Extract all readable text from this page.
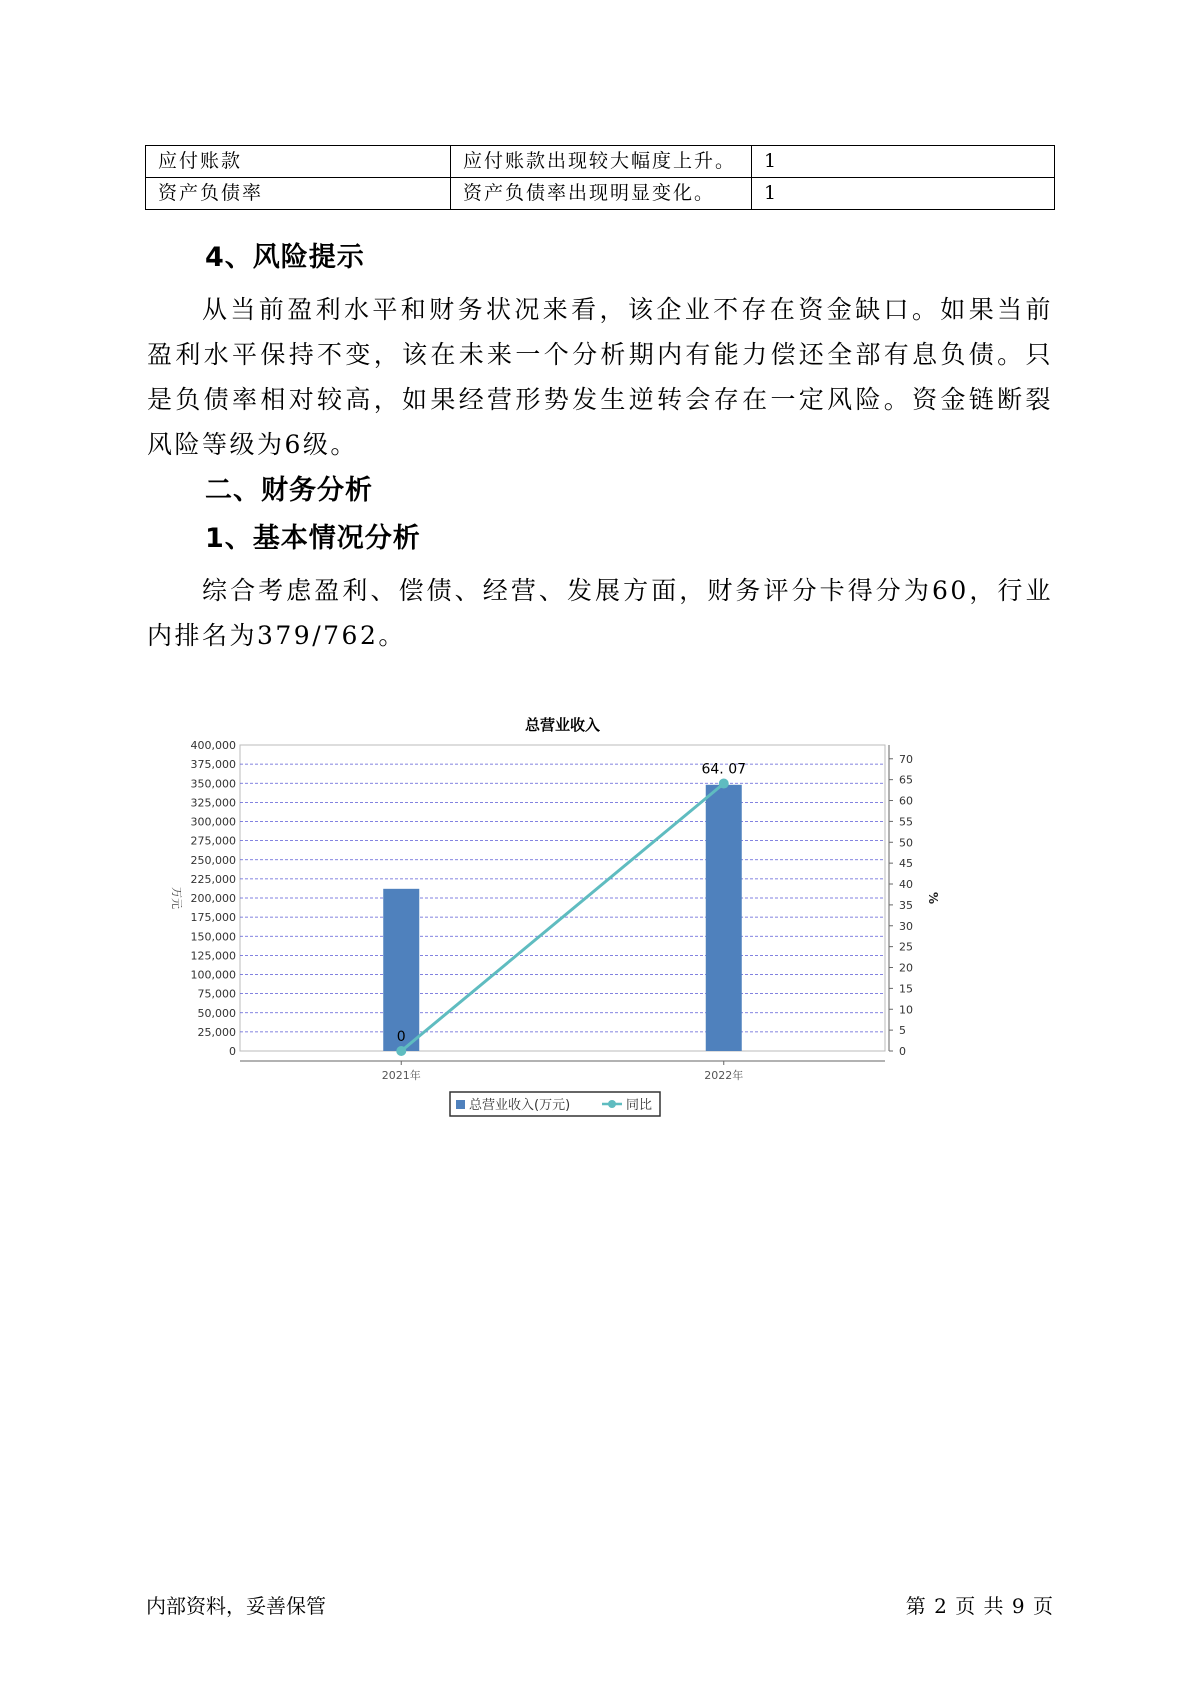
应付账款	应付账款出现较大幅度上升。	1
资产负债率	资产负债率出现明显变化。	1
4、风险提示

从当前盈利水平和财务状况来看，该企业不存在资金缺口。如果当前盈利水平保持不变，该在未来一个分析期内有能力偿还全部有息负债。只是负债率相对较高，如果经营形势发生逆转会存在一定风险。资金链断裂风险等级为6级。

二、财务分析
1、基本情况分析

综合考虑盈利、偿债、经营、发展方面，财务评分卡得分为60，行业内排名为379/762。

总营业收入
0
25,000
50,000
75,000
100,000
125,000
150,000
175,000
200,000
225,000
250,000
275,000
300,000
325,000
350,000
375,000
400,000
0
5
10
15
20
25
30
35
40
45
50
55
60
65
70
2021年	2022年
万元	%
0
64. 07
总营业收入(万元)	同比
内部资料，妥善保管	第 2 页 共 9 页
